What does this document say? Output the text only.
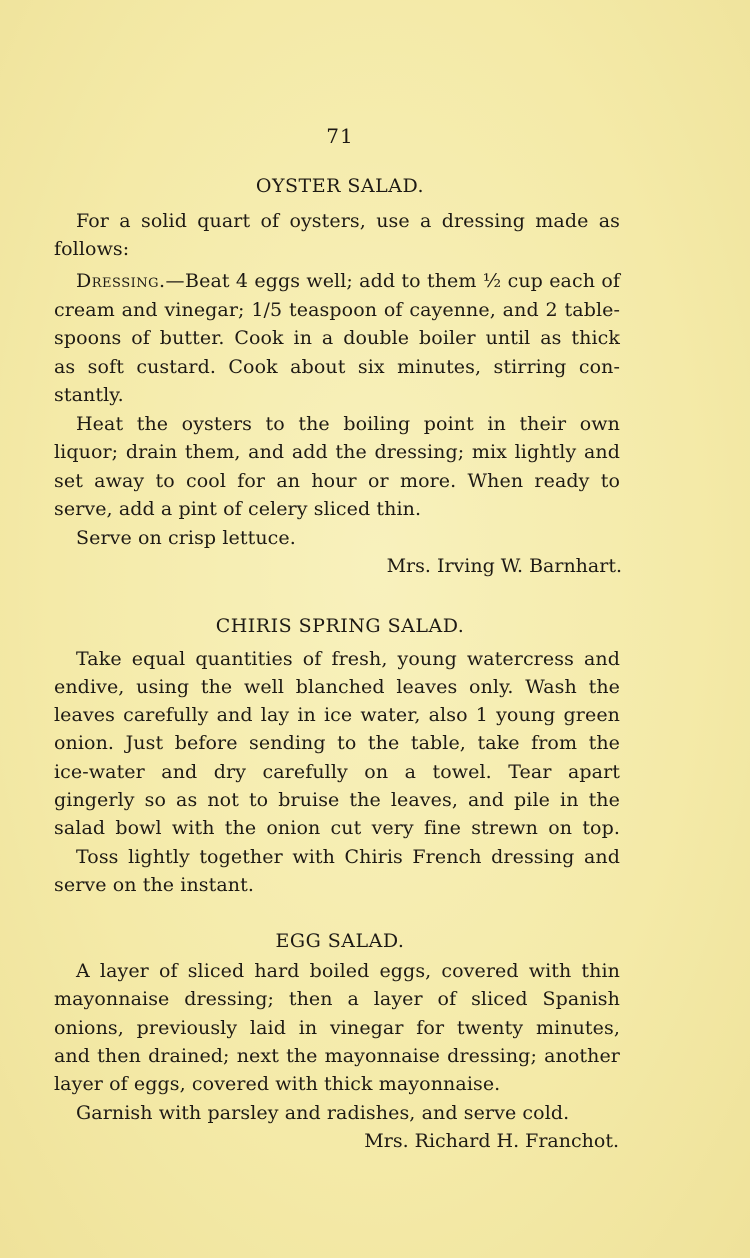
71
OYSTER SALAD.
For a solid quart of oysters, use a dressing made as
follows:
Dressing.—Beat 4 eggs well; add to them ½ cup each of
cream and vinegar; 1/5 teaspoon of cayenne, and 2 table-
spoons of butter. Cook in a double boiler until as thick
as soft custard. Cook about six minutes, stirring con-
stantly.
Heat the oysters to the boiling point in their own
liquor; drain them, and add the dressing; mix lightly and
set away to cool for an hour or more. When ready to
serve, add a pint of celery sliced thin.
Serve on crisp lettuce.
Mrs. Irving W. Barnhart.
CHIRIS SPRING SALAD.
Take equal quantities of fresh, young watercress and
endive, using the well blanched leaves only. Wash the
leaves carefully and lay in ice water, also 1 young green
onion. Just before sending to the table, take from the
ice-water and dry carefully on a towel. Tear apart
gingerly so as not to bruise the leaves, and pile in the
salad bowl with the onion cut very fine strewn on top.
Toss lightly together with Chiris French dressing and
serve on the instant.
EGG SALAD.
A layer of sliced hard boiled eggs, covered with thin
mayonnaise dressing; then a layer of sliced Spanish
onions, previously laid in vinegar for twenty minutes,
and then drained; next the mayonnaise dressing; another
layer of eggs, covered with thick mayonnaise.
Garnish with parsley and radishes, and serve cold.
Mrs. Richard H. Franchot.
